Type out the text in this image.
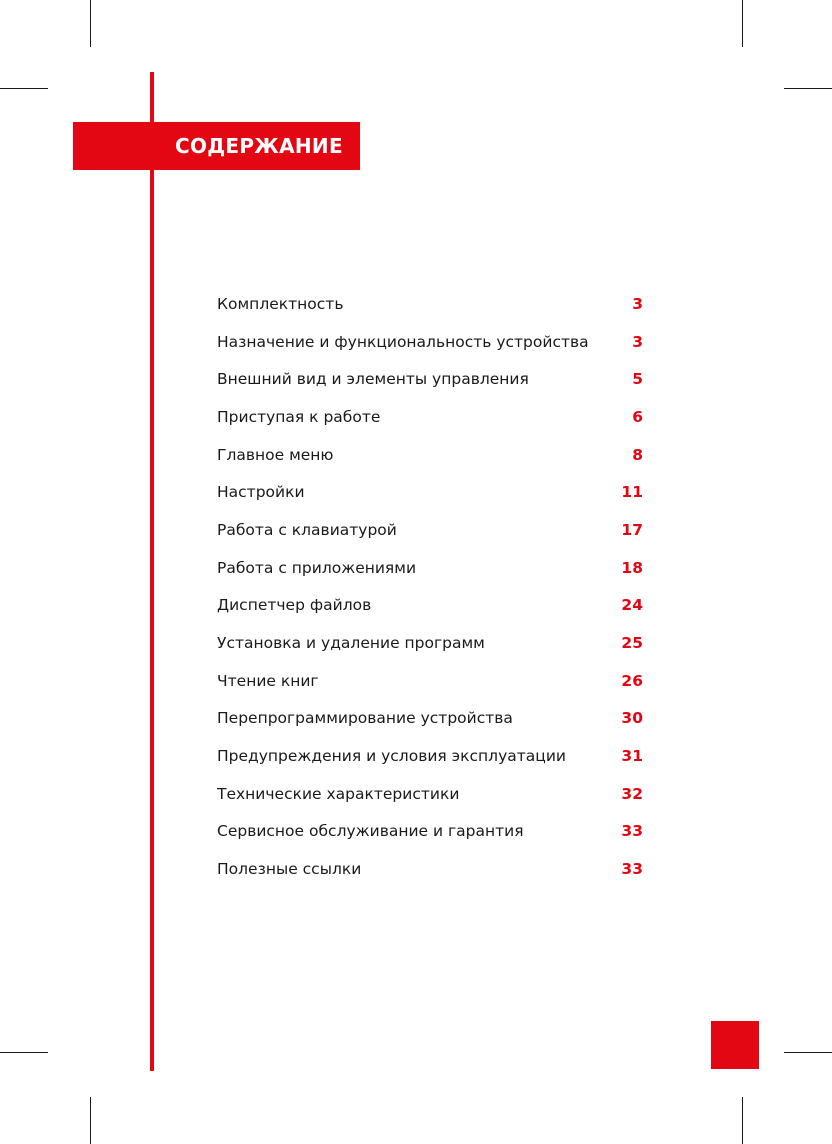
СОДЕРЖАНИЕ
Комплектность	3
Назначение и функциональность устройства	3
Внешний вид и элементы управления	5
Приступая к работе	6
Главное меню	8
Настройки	11
Работа с клавиатурой	17
Работа с приложениями	18
Диспетчер файлов	24
Установка и удаление программ	25
Чтение книг	26
Перепрограммирование устройства	30
Предупреждения и условия эксплуатации	31
Технические характеристики	32
Сервисное обслуживание и гарантия	33
Полезные ссылки	33
